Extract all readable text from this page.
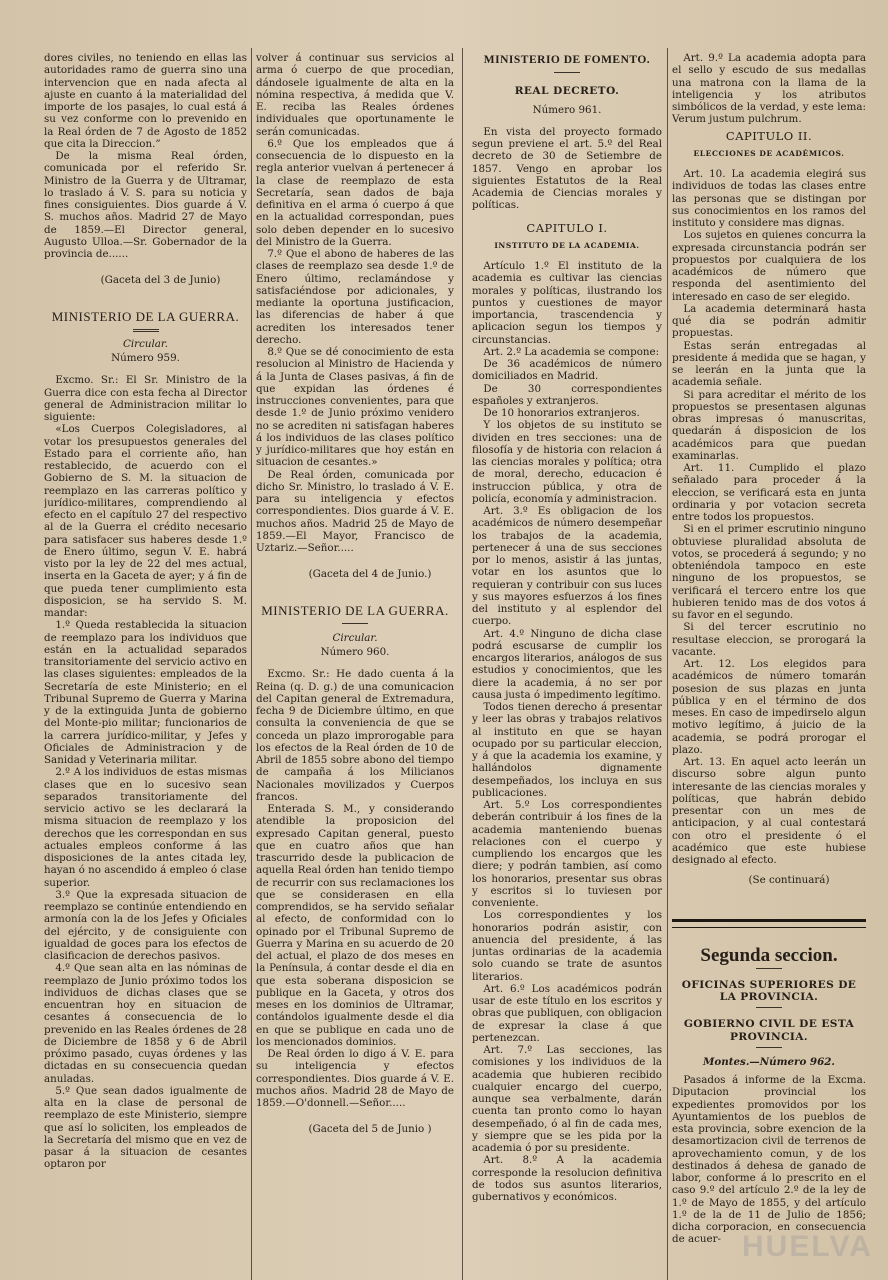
dores civiles, no teniendo en ellas las autoridades ramo de guerra sino una intervencion que en nada afecta al ajuste en cuanto á la materialidad del importe de los pasajes, lo cual está á su vez conforme con lo prevenido en la Real órden de 7 de Agosto de 1852 que cita la Direccion.”

De la misma Real órden, comunicada por el referido Sr. Ministro de la Guerra y de Ultramar, lo traslado á V. S. para su noticia y fines consiguientes. Dios guarde á V. S. muchos años. Madrid 27 de Mayo de 1859.—El Director general, Augusto Ulloa.—Sr. Gobernador de la provincia de......

(Gaceta del 3 de Junio)

MINISTERIO DE LA GUERRA.

Circular.

Número 959.

Excmo. Sr.: El Sr. Ministro de la Guerra dice con esta fecha al Director general de Administracion militar lo siguiente:

«Los Cuerpos Colegisladores, al votar los presupuestos generales del Estado para el corriente año, han restablecido, de acuerdo con el Gobierno de S. M. la situacion de reemplazo en las carreras político y jurídico-militares, comprendiendo al efecto en el capítulo 27 del respectivo al de la Guerra el crédito necesario para satisfacer sus haberes desde 1.º de Enero último, segun V. E. habrá visto por la ley de 22 del mes actual, inserta en la Gaceta de ayer; y á fin de que pueda tener cumplimiento esta disposicion, se ha servido S. M. mandar:

1.º Queda restablecida la situacion de reemplazo para los individuos que están en la actualidad separados transitoriamente del servicio activo en las clases siguientes: empleados de la Secretaría de este Ministerio; en el Tribunal Supremo de Guerra y Marina y de la extinguida Junta de gobierno del Monte-pio militar; funcionarios de la carrera jurídico-militar, y Jefes y Oficiales de Administracion y de Sanidad y Veterinaria militar.

2.º A los individuos de estas mismas clases que en lo sucesivo sean separados transitoriamente del servicio activo se les declarará la misma situacion de reemplazo y los derechos que les correspondan en sus actuales empleos conforme á las disposiciones de la antes citada ley, hayan ó no ascendido á empleo ó clase superior.

3.º Que la expresada situacion de reemplazo se continúe entendiendo en armonía con la de los Jefes y Oficiales del ejército, y de consiguiente con igualdad de goces para los efectos de clasificacion de derechos pasivos.

4.º Que sean alta en las nóminas de reemplazo de Junio próximo todos los individuos de dichas clases que se encuentran hoy en situacion de cesantes á consecuencia de lo prevenido en las Reales órdenes de 28 de Diciembre de 1858 y 6 de Abril próximo pasado, cuyas órdenes y las dictadas en su consecuencia quedan anuladas.

5.º Que sean dados igualmente de alta en la clase de personal de reemplazo de este Ministerio, siempre que así lo soliciten, los empleados de la Secretaría del mismo que en vez de pasar á la situacion de cesantes optaron por

volver á continuar sus servicios al arma ó cuerpo de que procedian, dándosele igualmente de alta en la nómina respectiva, á medida que V. E. reciba las Reales órdenes individuales que oportunamente le serán comunicadas.

6.º Que los empleados que á consecuencia de lo dispuesto en la regla anterior vuelvan á pertenecer á la clase de reemplazo de esta Secretaría, sean dados de baja definitiva en el arma ó cuerpo á que en la actualidad correspondan, pues solo deben depender en lo sucesivo del Ministro de la Guerra.

7.º Que el abono de haberes de las clases de reemplazo sea desde 1.º de Enero último, reclamándose y satisfaciéndose por adicionales, y mediante la oportuna justificacion, las diferencias de haber á que acrediten los interesados tener derecho.

8.º Que se dé conocimiento de esta resolucion al Ministro de Hacienda y á la Junta de Clases pasivas, á fin de que expidan las órdenes é instrucciones convenientes, para que desde 1.º de Junio próximo venidero no se acrediten ni satisfagan haberes á los individuos de las clases político y jurídico-militares que hoy están en situacion de cesantes.»

De Real órden, comunicada por dicho Sr. Ministro, lo traslado á V. E. para su inteligencia y efectos correspondientes. Dios guarde á V. E. muchos años. Madrid 25 de Mayo de 1859.—El Mayor, Francisco de Uztariz.—Señor.....

(Gaceta del 4 de Junio.)

MINISTERIO DE LA GUERRA.

Circular.

Número 960.

Excmo. Sr.: He dado cuenta á la Reina (q. D. g.) de una comunicacion del Capitan general de Extremadura, fecha 9 de Diciembre último, en que consulta la conveniencia de que se conceda un plazo improrogable para los efectos de la Real órden de 10 de Abril de 1855 sobre abono del tiempo de campaña á los Milicianos Nacionales movilizados y Cuerpos francos.

Enterada S. M., y considerando atendible la proposicion del expresado Capitan general, puesto que en cuatro años que han trascurrido desde la publicacion de aquella Real órden han tenido tiempo de recurrir con sus reclamaciones los que se considerasen en ella comprendidos, se ha servido señalar al efecto, de conformidad con lo opinado por el Tribunal Supremo de Guerra y Marina en su acuerdo de 20 del actual, el plazo de dos meses en la Península, á contar desde el dia en que esta soberana disposicion se publique en la Gaceta, y otros dos meses en los dominios de Ultramar, contándolos igualmente desde el dia en que se publique en cada uno de los mencionados dominios.

De Real órden lo digo á V. E. para su inteligencia y efectos correspondientes. Dios guarde á V. E. muchos años. Madrid 28 de Mayo de 1859.—O'donnell.—Señor.....

(Gaceta del 5 de Junio )

MINISTERIO DE FOMENTO.

REAL DECRETO.

Número 961.

En vista del proyecto formado segun previene el art. 5.º del Real decreto de 30 de Setiembre de 1857. Vengo en aprobar los siguientes Estatutos de la Real Academia de Ciencias morales y políticas.

CAPITULO I.

INSTITUTO DE LA ACADEMIA.

Artículo 1.º El instituto de la academia es cultivar las ciencias morales y políticas, ilustrando los puntos y cuestiones de mayor importancia, trascendencia y aplicacion segun los tiempos y circunstancias.

Art. 2.º La academia se compone:

De 36 académicos de número domiciliados en Madrid.

De 30 correspondientes españoles y extranjeros.

De 10 honorarios extranjeros.

Y los objetos de su instituto se dividen en tres secciones: una de filosofía y de historia con relacion á las ciencias morales y política; otra de moral, derecho, educacion é instruccion pública, y otra de policía, economía y administracion.

Art. 3.º Es obligacion de los académicos de número desempeñar los trabajos de la academia, pertenecer á una de sus secciones por lo menos, asistir á las juntas, votar en los asuntos que lo requieran y contribuir con sus luces y sus mayores esfuerzos á los fines del instituto y al esplendor del cuerpo.

Art. 4.º Ninguno de dicha clase podrá escusarse de cumplir los encargos literarios, análogos de sus estudios y conocimientos, que les diere la academia, á no ser por causa justa ó impedimento legítimo.

Todos tienen derecho á presentar y leer las obras y trabajos relativos al instituto en que se hayan ocupado por su particular eleccion, y á que la academia los examine, y hallándolos dignamente desempeñados, los incluya en sus publicaciones.

Art. 5.º Los correspondientes deberán contribuir á los fines de la academia manteniendo buenas relaciones con el cuerpo y cumpliendo los encargos que les diere; y podrán tambien, así como los honorarios, presentar sus obras y escritos si lo tuviesen por conveniente.

Los correspondientes y los honorarios podrán asistir, con anuencia del presidente, á las juntas ordinarias de la academia solo cuando se trate de asuntos literarios.

Art. 6.º Los académicos podrán usar de este título en los escritos y obras que publiquen, con obligacion de expresar la clase á que pertenezcan.

Art. 7.º Las secciones, las comisiones y los individuos de la academia que hubieren recibido cualquier encargo del cuerpo, aunque sea verbalmente, darán cuenta tan pronto como lo hayan desempeñado, ó al fin de cada mes, y siempre que se les pida por la academia ó por su presidente.

Art. 8.º A la academia corresponde la resolucion definitiva de todos sus asuntos literarios, gubernativos y económicos.

Art. 9.º La academia adopta para el sello y escudo de sus medallas una matrona con la llama de la inteligencia y los atributos simbólicos de la verdad, y este lema: Verum justum pulchrum.

CAPITULO II.

ELECCIONES DE ACADÉMICOS.

Art. 10. La academia elegirá sus individuos de todas las clases entre las personas que se distingan por sus conocimientos en los ramos del instituto y considere mas dignas.

Los sujetos en quienes concurra la expresada circunstancia podrán ser propuestos por cualquiera de los académicos de número que responda del asentimiento del interesado en caso de ser elegido.

La academia determinará hasta qué dia se podrán admitir propuestas.

Estas serán entregadas al presidente á medida que se hagan, y se leerán en la junta que la academia señale.

Si para acreditar el mérito de los propuestos se presentasen algunas obras impresas ó manuscritas, quedarán á disposicion de los académicos para que puedan examinarlas.

Art. 11. Cumplido el plazo señalado para proceder á la eleccion, se verificará esta en junta ordinaria y por votacion secreta entre todos los propuestos.

Si en el primer escrutinio ninguno obtuviese pluralidad absoluta de votos, se procederá á segundo; y no obteniéndola tampoco en este ninguno de los propuestos, se verificará el tercero entre los que hubieren tenido mas de dos votos á su favor en el segundo.

Si del tercer escrutinio no resultase eleccion, se prorogará la vacante.

Art. 12. Los elegidos para académicos de número tomarán posesion de sus plazas en junta pública y en el término de dos meses. En caso de impedirselo algun motivo legítimo, á juicio de la academia, se podrá prorogar el plazo.

Art. 13. En aquel acto leerán un discurso sobre algun punto interesante de las ciencias morales y políticas, que habrán debido presentar con un mes de anticipacion, y al cual contestará con otro el presidente ó el académico que este hubiese designado al efecto.

(Se continuará)

Segunda seccion.

OFICINAS SUPERIORES DE LA PROVINCIA.

GOBIERNO CIVIL DE ESTA PROVINCIA.

Montes.—Número 962.

Pasados á informe de la Excma. Diputacion provincial los expedientes promovidos por los Ayuntamientos de los pueblos de esta provincia, sobre exencion de la desamortizacion civil de terrenos de aprovechamiento comun, y de los destinados á dehesa de ganado de labor, conforme á lo prescrito en el caso 9.º del artículo 2.º de la ley de 1.º de Mayo de 1855, y del artículo 1.º de la de 11 de Julio de 1856; dicha corporacion, en consecuencia de acuer- HUELVA
